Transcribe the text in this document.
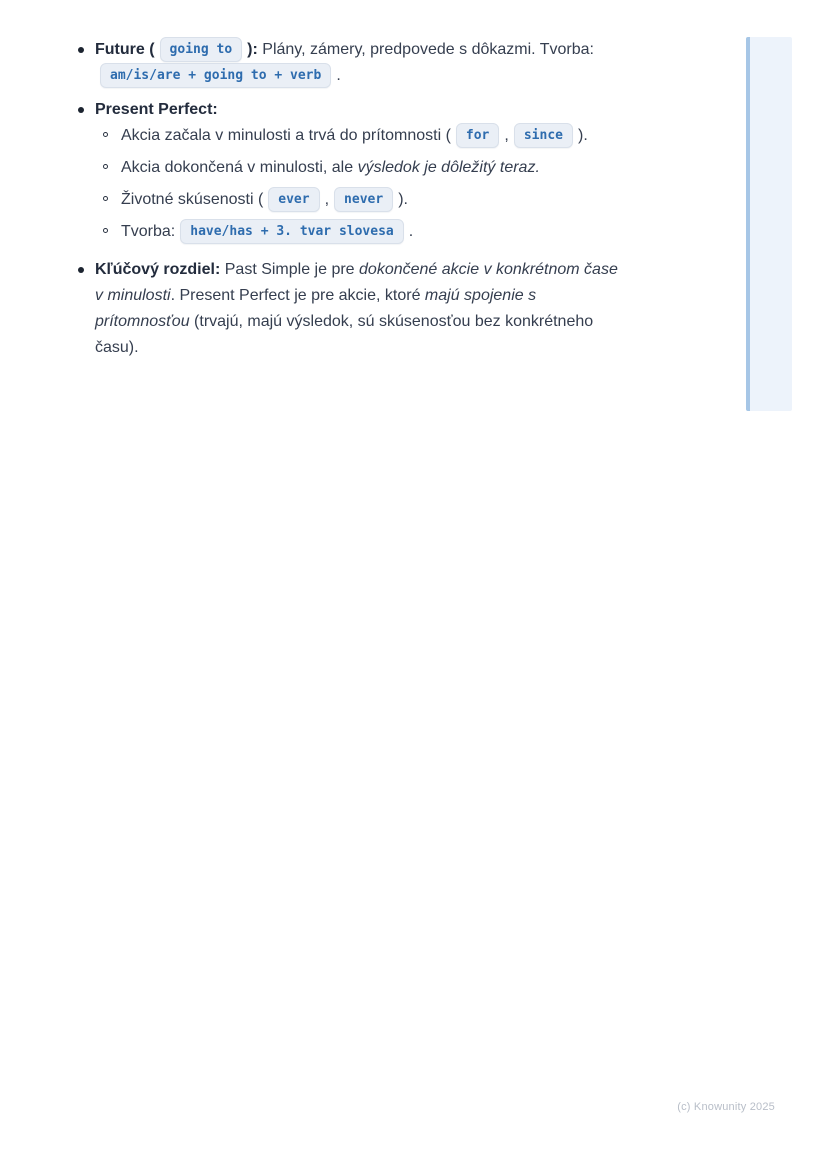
Future ( going to ): Plány, zámery, predpovede s dôkazmi. Tvorba:
am/is/are + going to + verb .
Present Perfect:
Akcia začala v minulosti a trvá do prítomnosti ( for , since ).
Akcia dokončená v minulosti, ale výsledok je dôležitý teraz.
Životné skúsenosti ( ever , never ).
Tvorba: have/has + 3. tvar slovesa .
Kľúčový rozdiel: Past Simple je pre dokončené akcie v konkrétnom čase
v minulosti. Present Perfect je pre akcie, ktoré majú spojenie s
prítomnosťou (trvajú, majú výsledok, sú skúsenosťou bez konkrétneho
času).
(c) Knowunity 2025
